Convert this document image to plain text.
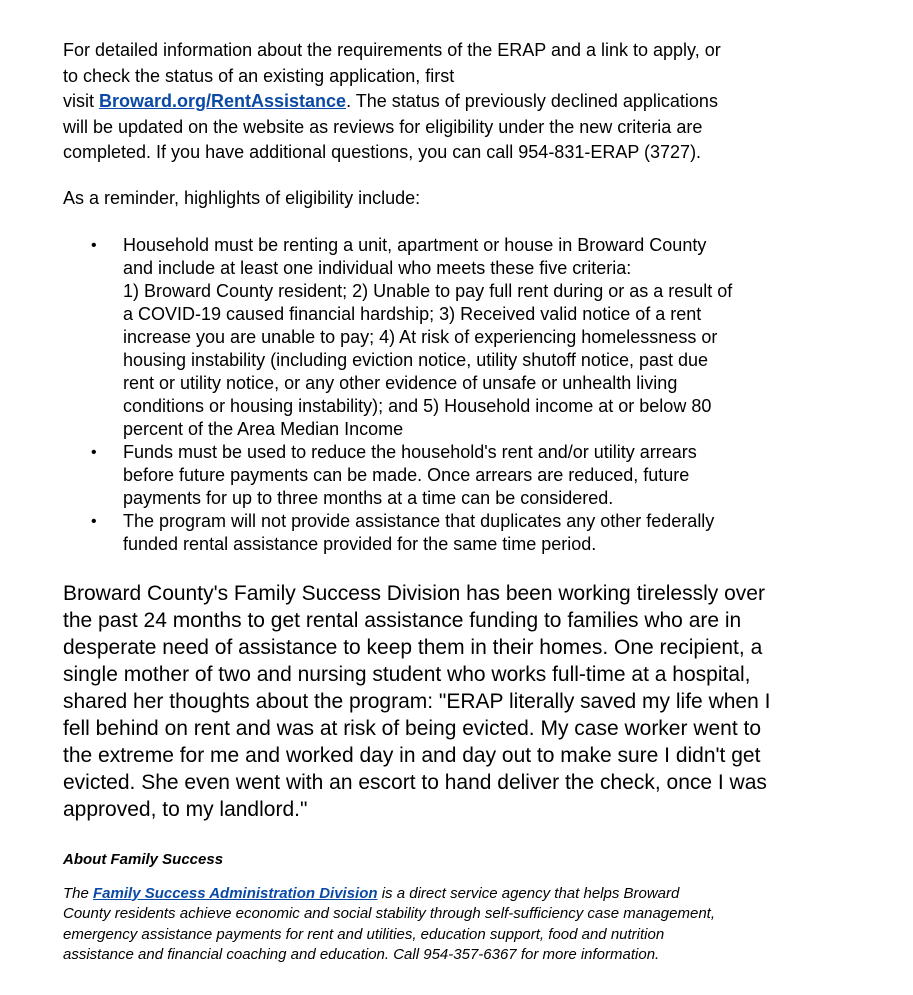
For detailed information about the requirements of the ERAP and a link to apply, or
to check the status of an existing application, first
visit Broward.org/RentAssistance. The status of previously declined applications
will be updated on the website as reviews for eligibility under the new criteria are
completed. If you have additional questions, you can call 954-831-ERAP (3727).

As a reminder, highlights of eligibility include:

• Household must be renting a unit, apartment or house in Broward County
and include at least one individual who meets these five criteria:
1) Broward County resident; 2) Unable to pay full rent during or as a result of
a COVID-19 caused financial hardship; 3) Received valid notice of a rent
increase you are unable to pay; 4) At risk of experiencing homelessness or
housing instability (including eviction notice, utility shutoff notice, past due
rent or utility notice, or any other evidence of unsafe or unhealth living
conditions or housing instability); and 5) Household income at or below 80
percent of the Area Median Income
• Funds must be used to reduce the household's rent and/or utility arrears
before future payments can be made. Once arrears are reduced, future
payments for up to three months at a time can be considered.
• The program will not provide assistance that duplicates any other federally
funded rental assistance provided for the same time period.

Broward County's Family Success Division has been working tirelessly over
the past 24 months to get rental assistance funding to families who are in
desperate need of assistance to keep them in their homes. One recipient, a
single mother of two and nursing student who works full-time at a hospital,
shared her thoughts about the program: "ERAP literally saved my life when I
fell behind on rent and was at risk of being evicted. My case worker went to
the extreme for me and worked day in and day out to make sure I didn't get
evicted. She even went with an escort to hand deliver the check, once I was
approved, to my landlord."

About Family Success

The Family Success Administration Division is a direct service agency that helps Broward
County residents achieve economic and social stability through self-sufficiency case management,
emergency assistance payments for rent and utilities, education support, food and nutrition
assistance and financial coaching and education. Call 954-357-6367 for more information.
